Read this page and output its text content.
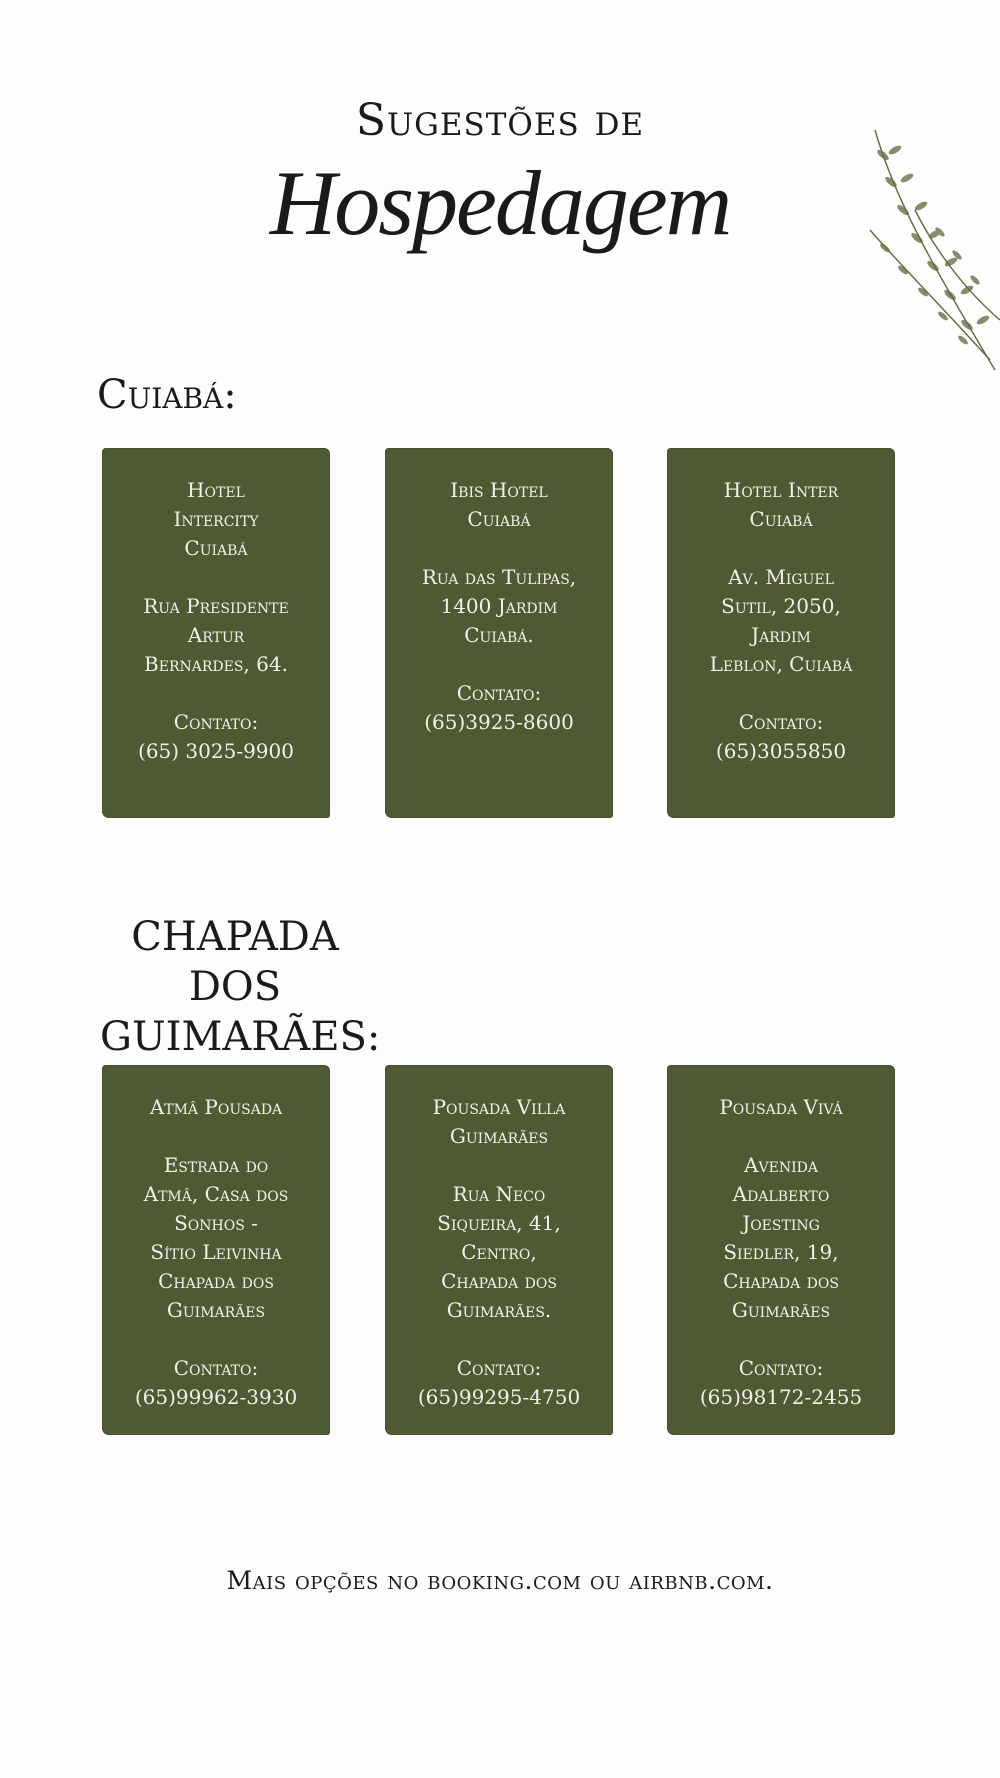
Sugestões de
Hospedagem
Cuiabá:
Hotel
Intercity
Cuiabá
Rua Presidente
Artur
Bernardes, 64.
Contato:
(65) 3025-9900
Ibis Hotel
Cuiabá
Rua das Tulipas,
1400 Jardim
Cuiabá.
Contato:
(65)3925-8600
Hotel Inter
Cuiabá
Av. Miguel
Sutil, 2050,
Jardim
Leblon, Cuiabá
Contato:
(65)3055850
CHAPADA DOS
GUIMARÃES:
Atmâ Pousada
Estrada do
Atmâ, Casa dos
Sonhos -
Sítio Leivinha
Chapada dos
Guimarães
Contato:
(65)99962-3930
Pousada Villa
Guimarães
Rua Neco
Siqueira, 41,
Centro,
Chapada dos
Guimarães.
Contato:
(65)99295-4750
Pousada Vivá
Avenida
Adalberto
Joesting
Siedler, 19,
Chapada dos
Guimarães
Contato:
(65)98172-2455
Mais opções no booking.com ou airbnb.com.
